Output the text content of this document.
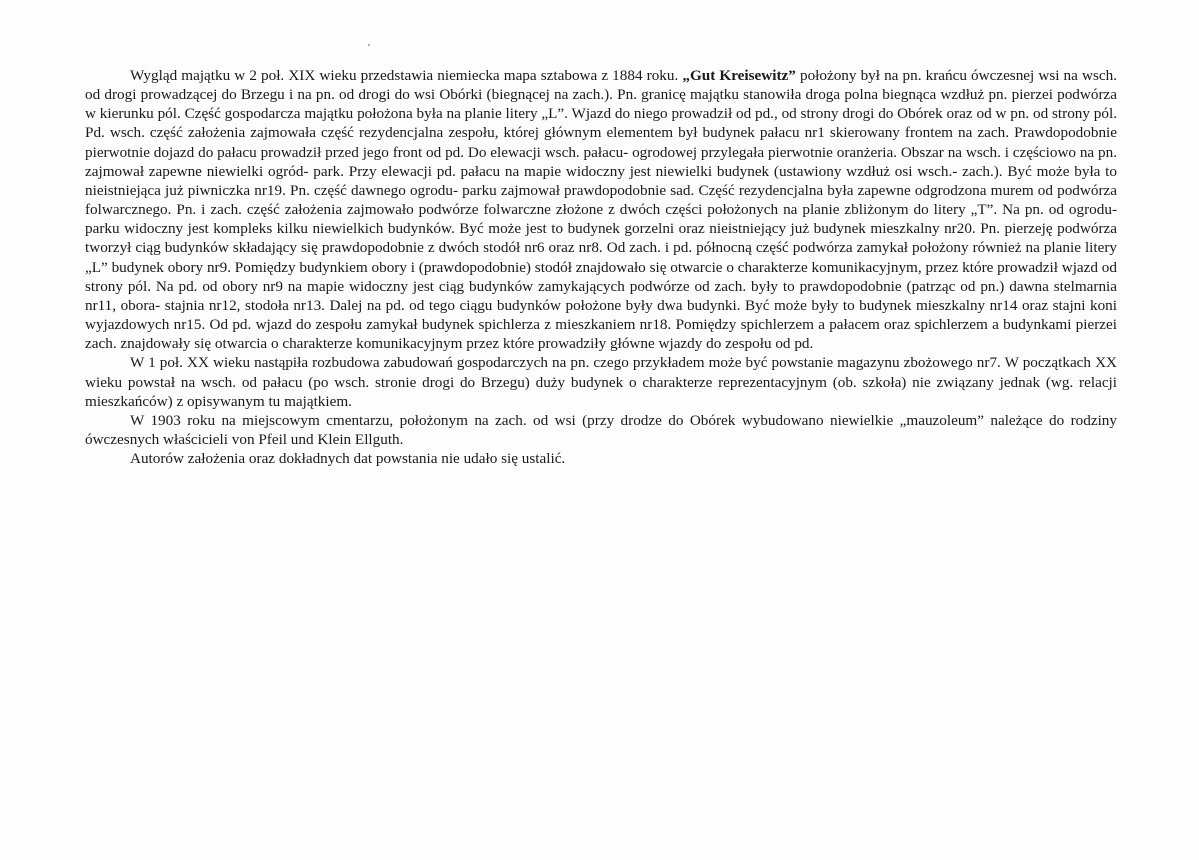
Wygląd majątku w 2 poł. XIX wieku przedstawia niemiecka mapa sztabowa z 1884 roku. „Gut Kreisewitz” położony był na pn. krańcu ówczesnej wsi na wsch. od drogi prowadzącej do Brzegu i na pn. od drogi do wsi Obórki (biegnącej na zach.). Pn. granicę majątku stanowiła droga polna biegnąca wzdłuż pn. pierzei podwórza w kierunku pól. Część gospodarcza majątku położona była na planie litery „L”. Wjazd do niego prowadził od pd., od strony drogi do Obórek oraz od w pn. od strony pól. Pd. wsch. część założenia zajmowała część rezydencjalna zespołu, której głównym elementem był budynek pałacu nr1 skierowany frontem na zach. Prawdopodobnie pierwotnie dojazd do pałacu prowadził przed jego front od pd. Do elewacji wsch. pałacu- ogrodowej przylegała pierwotnie oranżeria. Obszar na wsch. i częściowo na pn. zajmował zapewne niewielki ogród- park. Przy elewacji pd. pałacu na mapie widoczny jest niewielki budynek (ustawiony wzdłuż osi wsch.- zach.). Być może była to nieistniejąca już piwniczka nr19. Pn. część dawnego ogrodu- parku zajmował prawdopodobnie sad. Część rezydencjalna była zapewne odgrodzona murem od podwórza folwarcznego. Pn. i zach. część założenia zajmowało podwórze folwarczne złożone z dwóch części położonych na planie zbliżonym do litery „T”. Na pn. od ogroduparku widoczny jest kompleks kilku niewielkich budynków. Być może jest to budynek gorzelni oraz nieistniejący już budynek mieszkalny nr20. Pn. pierzeję podwórza tworzył ciąg budynków składający się prawdopodobnie z dwóch stodół nr6 oraz nr8. Od zach. i pd. północną część podwórza zamykał położony również na planie litery „L” budynek obory nr9. Pomiędzy budynkiem obory i (prawdopodobnie) stodół znajdowało się otwarcie o charakterze komunikacyjnym, przez które prowadził wjazd od strony pól. Na pd. od obory nr9 na mapie widoczny jest ciąg budynków zamykających podwórze od zach. były to prawdopodobnie (patrząc od pn.) dawna stelmarnia nr11, obora- stajnia nr12, stodoła nr13. Dalej na pd. od tego ciągu budynków położone były dwa budynki. Być może były to budynek mieszkalny nr14 oraz stajni koni wyjazdowych nr15. Od pd. wjazd do zespołu zamykał budynek spichlerza z mieszkaniem nr18. Pomiędzy spichlerzem a pałacem oraz spichlerzem a budynkami pierzei zach. znajdowały się otwarcia o charakterze komunikacyjnym przez które prowadziły główne wjazdy do zespołu od pd.

W 1 poł. XX wieku nastąpiła rozbudowa zabudowań gospodarczych na pn. czego przykładem może być powstanie magazynu zbożowego nr7. W początkach XX wieku powstał na wsch. od pałacu (po wsch. stronie drogi do Brzegu) duży budynek o charakterze reprezentacyjnym (ob. szkoła) nie związany jednak (wg. relacji mieszkańców) z opisywanym tu majątkiem.

W 1903 roku na miejscowym cmentarzu, położonym na zach. od wsi (przy drodze do Obórek wybudowano niewielkie „mauzoleum” należące do rodziny ówczesnych właścicieli von Pfeil und Klein Ellguth.

Autorów założenia oraz dokładnych dat powstania nie udało się ustalić.
